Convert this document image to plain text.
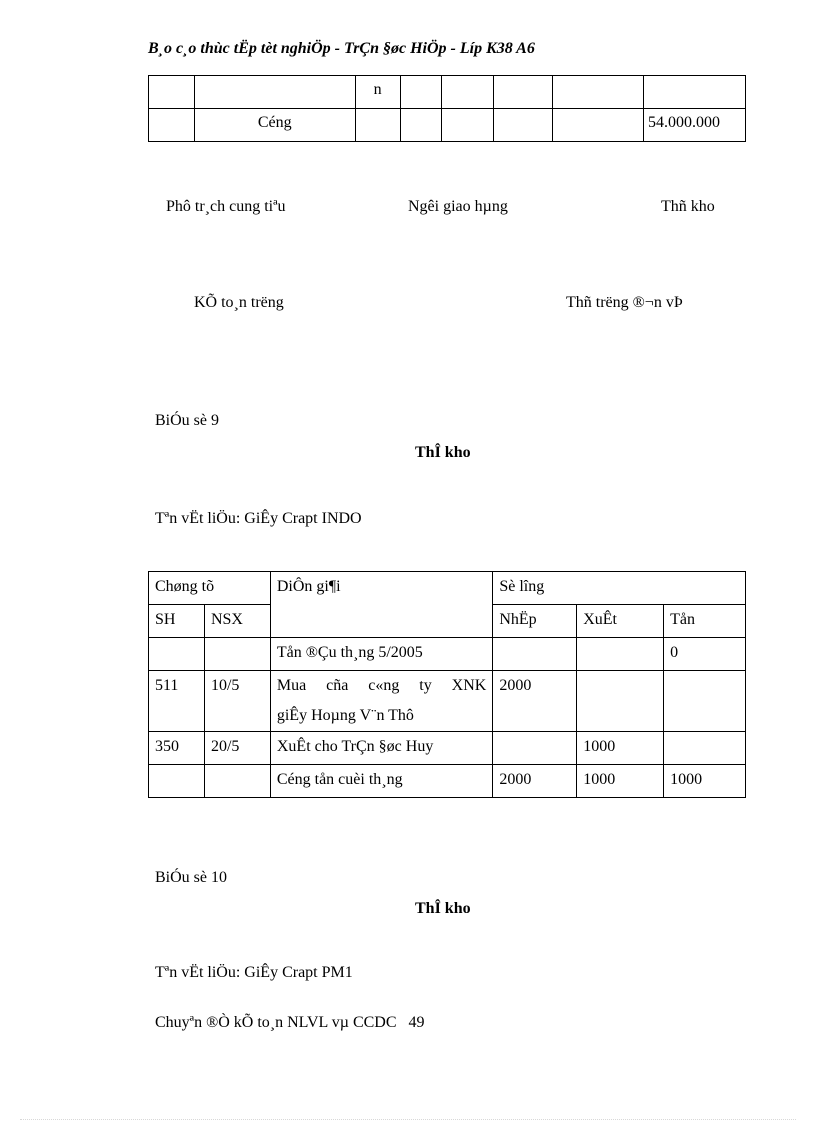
B¸o c¸o thùc tËp tèt nghiÖp - TrÇn §øc HiÖp - Líp K38 A6
		n					
	Céng						54.000.000
Phô tr¸ch cung tiªu	Ngêi giao hµng	Thñ kho
KÕ to¸n trëng	Thñ trëng ®¬n vÞ
BiÓu sè 9
ThÎ kho
Tªn vËt liÖu: GiÊy Crapt INDO
Chøng tõ		DiÔn gi¶i	Sè lîng		
SH	NSX		NhËp	XuÊt	Tån
		Tån ®Çu th¸ng 5/2005			0
511	10/5	Mua cña c«ng ty XNK
giÊy Hoµng V¨n Thô	2000		
350	20/5	XuÊt cho TrÇn §øc Huy		1000	
		Céng tån cuèi th¸ng	2000	1000	1000
BiÓu sè 10
ThÎ kho
Tªn vËt liÖu: GiÊy Crapt PM1
Chuyªn ®Ò kÕ to¸n NLVL vµ CCDC 49
